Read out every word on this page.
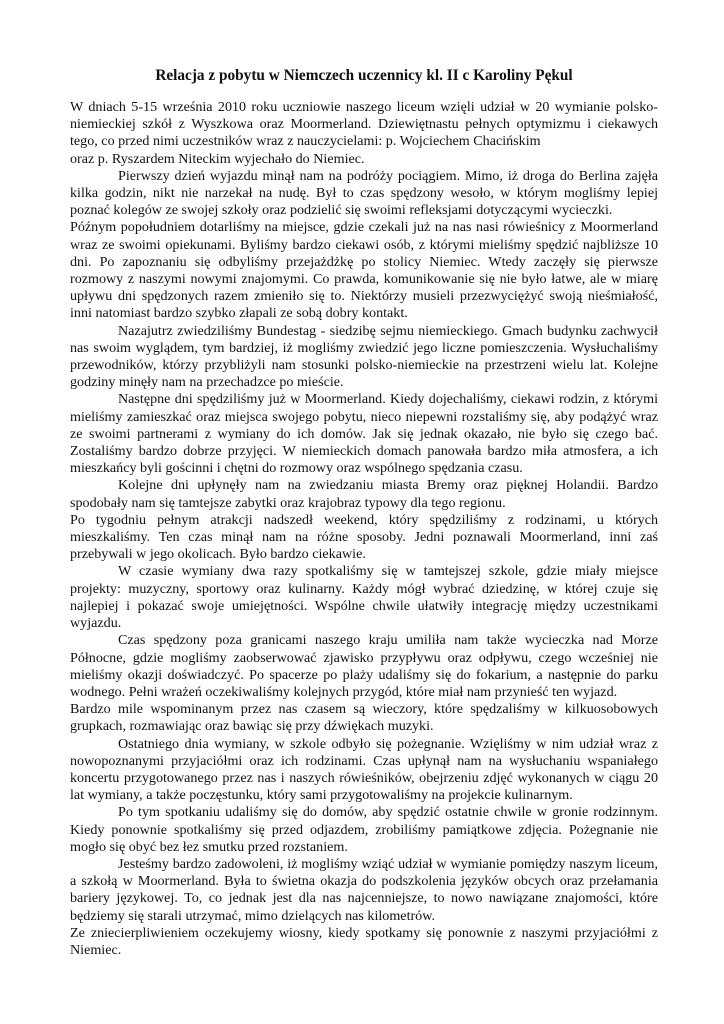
Relacja z pobytu w Niemczech uczennicy kl. II c Karoliny Pękul

W dniach 5-15 września 2010 roku uczniowie naszego liceum wzięli udział w 20 wymianie polsko-niemieckiej szkół z Wyszkowa oraz Moormerland. Dziewiętnastu pełnych optymizmu i ciekawych tego, co przed nimi uczestników wraz z nauczycielami: p. Wojciechem Chacińskim

oraz p. Ryszardem Niteckim wyjechało do Niemiec.

Pierwszy dzień wyjazdu minął nam na podróży pociągiem. Mimo, iż droga do Berlina zajęła kilka godzin, nikt nie narzekał na nudę. Był to czas spędzony wesoło, w którym mogliśmy lepiej poznać kolegów ze swojej szkoły oraz podzielić się swoimi refleksjami dotyczącymi wycieczki.

Późnym popołudniem dotarliśmy na miejsce, gdzie czekali już na nas nasi rówieśnicy z Moormerland wraz ze swoimi opiekunami. Byliśmy bardzo ciekawi osób, z którymi mieliśmy spędzić najbliższe 10 dni. Po zapoznaniu się odbyliśmy przejażdżkę po stolicy Niemiec. Wtedy zaczęły się pierwsze rozmowy z naszymi nowymi znajomymi. Co prawda, komunikowanie się nie było łatwe, ale w miarę upływu dni spędzonych razem zmieniło się to. Niektórzy musieli przezwyciężyć swoją nieśmiałość, inni natomiast bardzo szybko złapali ze sobą dobry kontakt.

Nazajutrz zwiedziliśmy Bundestag - siedzibę sejmu niemieckiego. Gmach budynku zachwycił nas swoim wyglądem, tym bardziej, iż mogliśmy zwiedzić jego liczne pomieszczenia. Wysłuchaliśmy przewodników, którzy przybliżyli nam stosunki polsko-niemieckie na przestrzeni wielu lat. Kolejne godziny minęły nam na przechadzce po mieście.

Następne dni spędziliśmy już w Moormerland. Kiedy dojechaliśmy, ciekawi rodzin, z którymi mieliśmy zamieszkać oraz miejsca swojego pobytu, nieco niepewni rozstaliśmy się, aby podążyć wraz ze swoimi partnerami z wymiany do ich domów. Jak się jednak okazało, nie było się czego bać. Zostaliśmy bardzo dobrze przyjęci. W niemieckich domach panowała bardzo miła atmosfera, a ich mieszkańcy byli gościnni i chętni do rozmowy oraz wspólnego spędzania czasu.

Kolejne dni upłynęły nam na zwiedzaniu miasta Bremy oraz pięknej Holandii. Bardzo spodobały nam się tamtejsze zabytki oraz krajobraz typowy dla tego regionu.

Po tygodniu pełnym atrakcji nadszedł weekend, który spędziliśmy z rodzinami, u których mieszkaliśmy. Ten czas minął nam na różne sposoby. Jedni poznawali Moormerland, inni zaś przebywali w jego okolicach. Było bardzo ciekawie.

W czasie wymiany dwa razy spotkaliśmy się w tamtejszej szkole, gdzie miały miejsce projekty: muzyczny, sportowy oraz kulinarny. Każdy mógł wybrać dziedzinę, w której czuje się najlepiej i pokazać swoje umiejętności. Wspólne chwile ułatwiły integrację między uczestnikami wyjazdu.

Czas spędzony poza granicami naszego kraju umiliła nam także wycieczka nad Morze Północne, gdzie mogliśmy zaobserwować zjawisko przypływu oraz odpływu, czego wcześniej nie mieliśmy okazji doświadczyć. Po spacerze po plaży udaliśmy się do fokarium, a następnie do parku wodnego. Pełni wrażeń oczekiwaliśmy kolejnych przygód, które miał nam przynieść ten wyjazd.

Bardzo mile wspominanym przez nas czasem są wieczory, które spędzaliśmy w kilkuosobowych grupkach, rozmawiając oraz bawiąc się przy dźwiękach muzyki.

Ostatniego dnia wymiany, w szkole odbyło się pożegnanie. Wzięliśmy w nim udział wraz z nowopoznanymi przyjaciółmi oraz ich rodzinami. Czas upłynął nam na wysłuchaniu wspaniałego koncertu przygotowanego przez nas i naszych rówieśników, obejrzeniu zdjęć wykonanych w ciągu 20 lat wymiany, a także poczęstunku, który sami przygotowaliśmy na projekcie kulinarnym.

Po tym spotkaniu udaliśmy się do domów, aby spędzić ostatnie chwile w gronie rodzinnym. Kiedy ponownie spotkaliśmy się przed odjazdem, zrobiliśmy pamiątkowe zdjęcia. Pożegnanie nie mogło się obyć bez łez smutku przed rozstaniem.

Jesteśmy bardzo zadowoleni, iż mogliśmy wziąć udział w wymianie pomiędzy naszym liceum, a szkołą w Moormerland. Była to świetna okazja do podszkolenia języków obcych oraz przełamania bariery językowej. To, co jednak jest dla nas najcenniejsze, to nowo nawiązane znajomości, które będziemy się starali utrzymać, mimo dzielących nas kilometrów.

Ze zniecierpliwieniem oczekujemy wiosny, kiedy spotkamy się ponownie z naszymi przyjaciółmi z Niemiec.
